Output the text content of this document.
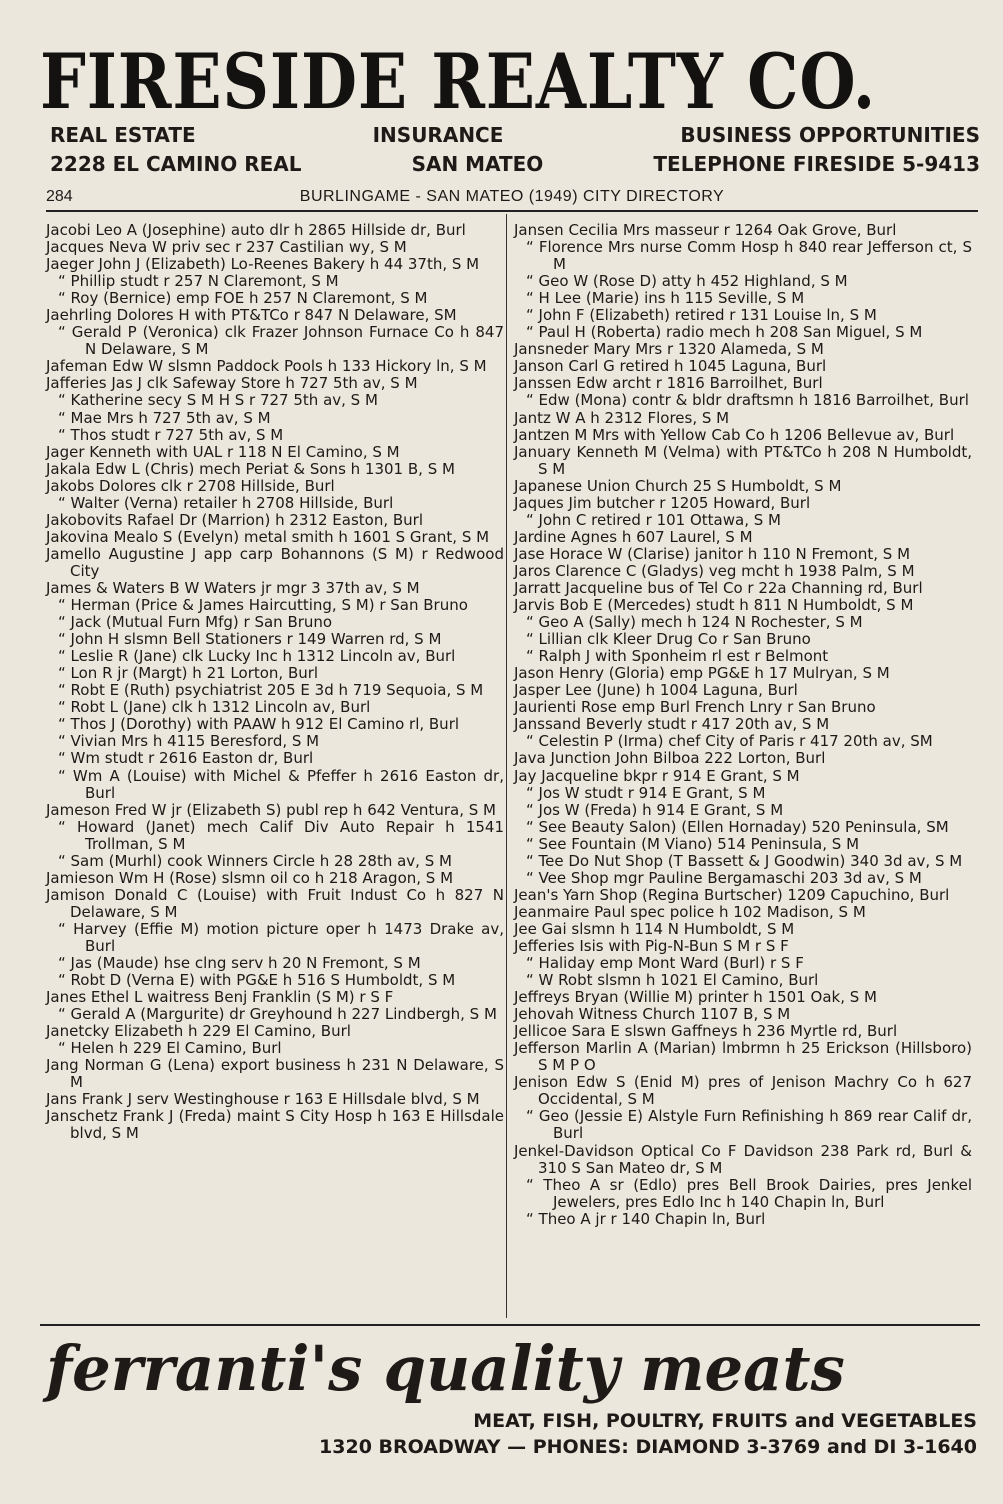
FIRESIDE REALTY CO.
REAL ESTATE	INSURANCE	BUSINESS OPPORTUNITIES
2228 EL CAMINO REAL	SAN MATEO	TELEPHONE FIRESIDE 5-9413
284	BURLINGAME - SAN MATEO (1949) CITY DIRECTORY
Jacobi Leo A (Josephine) auto dlr h 2865 Hillside dr, Burl
Jacques Neva W priv sec r 237 Castilian wy, S M
Jaeger John J (Elizabeth) Lo-Reenes Bakery h 44 37th, S M
“ Phillip studt r 257 N Claremont, S M
“ Roy (Bernice) emp FOE h 257 N Claremont, S M
Jaehrling Dolores H with PT&TCo r 847 N Delaware, SM
“ Gerald P (Veronica) clk Frazer Johnson Furnace Co h 847 N Delaware, S M
Jafeman Edw W slsmn Paddock Pools h 133 Hickory ln, S M
Jafferies Jas J clk Safeway Store h 727 5th av, S M
“ Katherine secy S M H S r 727 5th av, S M
“ Mae Mrs h 727 5th av, S M
“ Thos studt r 727 5th av, S M
Jager Kenneth with UAL r 118 N El Camino, S M
Jakala Edw L (Chris) mech Periat & Sons h 1301 B, S M
Jakobs Dolores clk r 2708 Hillside, Burl
“ Walter (Verna) retailer h 2708 Hillside, Burl
Jakobovits Rafael Dr (Marrion) h 2312 Easton, Burl
Jakovina Mealo S (Evelyn) metal smith h 1601 S Grant, S M
Jamello Augustine J app carp Bohannons (S M) r Redwood City
James & Waters B W Waters jr mgr 3 37th av, S M
“ Herman (Price & James Haircutting, S M) r San Bruno
“ Jack (Mutual Furn Mfg) r San Bruno
“ John H slsmn Bell Stationers r 149 Warren rd, S M
“ Leslie R (Jane) clk Lucky Inc h 1312 Lincoln av, Burl
“ Lon R jr (Margt) h 21 Lorton, Burl
“ Robt E (Ruth) psychiatrist 205 E 3d h 719 Sequoia, S M
“ Robt L (Jane) clk h 1312 Lincoln av, Burl
“ Thos J (Dorothy) with PAAW h 912 El Camino rl, Burl
“ Vivian Mrs h 4115 Beresford, S M
“ Wm studt r 2616 Easton dr, Burl
“ Wm A (Louise) with Michel & Pfeffer h 2616 Easton dr, Burl
Jameson Fred W jr (Elizabeth S) publ rep h 642 Ventura, S M
“ Howard (Janet) mech Calif Div Auto Repair h 1541 Trollman, S M
“ Sam (Murhl) cook Winners Circle h 28 28th av, S M
Jamieson Wm H (Rose) slsmn oil co h 218 Aragon, S M
Jamison Donald C (Louise) with Fruit Indust Co h 827 N Delaware, S M
“ Harvey (Effie M) motion picture oper h 1473 Drake av, Burl
“ Jas (Maude) hse clng serv h 20 N Fremont, S M
“ Robt D (Verna E) with PG&E h 516 S Humboldt, S M
Janes Ethel L waitress Benj Franklin (S M) r S F
“ Gerald A (Margurite) dr Greyhound h 227 Lindbergh, S M
Janetcky Elizabeth h 229 El Camino, Burl
“ Helen h 229 El Camino, Burl
Jang Norman G (Lena) export business h 231 N Delaware, S M
Jans Frank J serv Westinghouse r 163 E Hillsdale blvd, S M
Janschetz Frank J (Freda) maint S City Hosp h 163 E Hillsdale blvd, S M
Jansen Cecilia Mrs masseur r 1264 Oak Grove, Burl
“ Florence Mrs nurse Comm Hosp h 840 rear Jefferson ct, S M
“ Geo W (Rose D) atty h 452 Highland, S M
“ H Lee (Marie) ins h 115 Seville, S M
“ John F (Elizabeth) retired r 131 Louise ln, S M
“ Paul H (Roberta) radio mech h 208 San Miguel, S M
Jansneder Mary Mrs r 1320 Alameda, S M
Janson Carl G retired h 1045 Laguna, Burl
Janssen Edw archt r 1816 Barroilhet, Burl
“ Edw (Mona) contr & bldr draftsmn h 1816 Barroilhet, Burl
Jantz W A h 2312 Flores, S M
Jantzen M Mrs with Yellow Cab Co h 1206 Bellevue av, Burl
January Kenneth M (Velma) with PT&TCo h 208 N Humboldt, S M
Japanese Union Church 25 S Humboldt, S M
Jaques Jim butcher r 1205 Howard, Burl
“ John C retired r 101 Ottawa, S M
Jardine Agnes h 607 Laurel, S M
Jase Horace W (Clarise) janitor h 110 N Fremont, S M
Jaros Clarence C (Gladys) veg mcht h 1938 Palm, S M
Jarratt Jacqueline bus of Tel Co r 22a Channing rd, Burl
Jarvis Bob E (Mercedes) studt h 811 N Humboldt, S M
“ Geo A (Sally) mech h 124 N Rochester, S M
“ Lillian clk Kleer Drug Co r San Bruno
“ Ralph J with Sponheim rl est r Belmont
Jason Henry (Gloria) emp PG&E h 17 Mulryan, S M
Jasper Lee (June) h 1004 Laguna, Burl
Jaurienti Rose emp Burl French Lnry r San Bruno
Janssand Beverly studt r 417 20th av, S M
“ Celestin P (Irma) chef City of Paris r 417 20th av, SM
Java Junction John Bilboa 222 Lorton, Burl
Jay Jacqueline bkpr r 914 E Grant, S M
“ Jos W studt r 914 E Grant, S M
“ Jos W (Freda) h 914 E Grant, S M
“ See Beauty Salon) (Ellen Hornaday) 520 Peninsula, SM
“ See Fountain (M Viano) 514 Peninsula, S M
“ Tee Do Nut Shop (T Bassett & J Goodwin) 340 3d av, S M
“ Vee Shop mgr Pauline Bergamaschi 203 3d av, S M
Jean's Yarn Shop (Regina Burtscher) 1209 Capuchino, Burl
Jeanmaire Paul spec police h 102 Madison, S M
Jee Gai slsmn h 114 N Humboldt, S M
Jefferies Isis with Pig-N-Bun S M r S F
“ Haliday emp Mont Ward (Burl) r S F
“ W Robt slsmn h 1021 El Camino, Burl
Jeffreys Bryan (Willie M) printer h 1501 Oak, S M
Jehovah Witness Church 1107 B, S M
Jellicoe Sara E slswn Gaffneys h 236 Myrtle rd, Burl
Jefferson Marlin A (Marian) lmbrmn h 25 Erickson (Hillsboro) S M P O
Jenison Edw S (Enid M) pres of Jenison Machry Co h 627 Occidental, S M
“ Geo (Jessie E) Alstyle Furn Refinishing h 869 rear Calif dr, Burl
Jenkel-Davidson Optical Co F Davidson 238 Park rd, Burl & 310 S San Mateo dr, S M
“ Theo A sr (Edlo) pres Bell Brook Dairies, pres Jenkel Jewelers, pres Edlo Inc h 140 Chapin ln, Burl
“ Theo A jr r 140 Chapin ln, Burl
ferranti's quality meats
MEAT, FISH, POULTRY, FRUITS and VEGETABLES
1320 BROADWAY — PHONES: DIAMOND 3-3769 and DI 3-1640
